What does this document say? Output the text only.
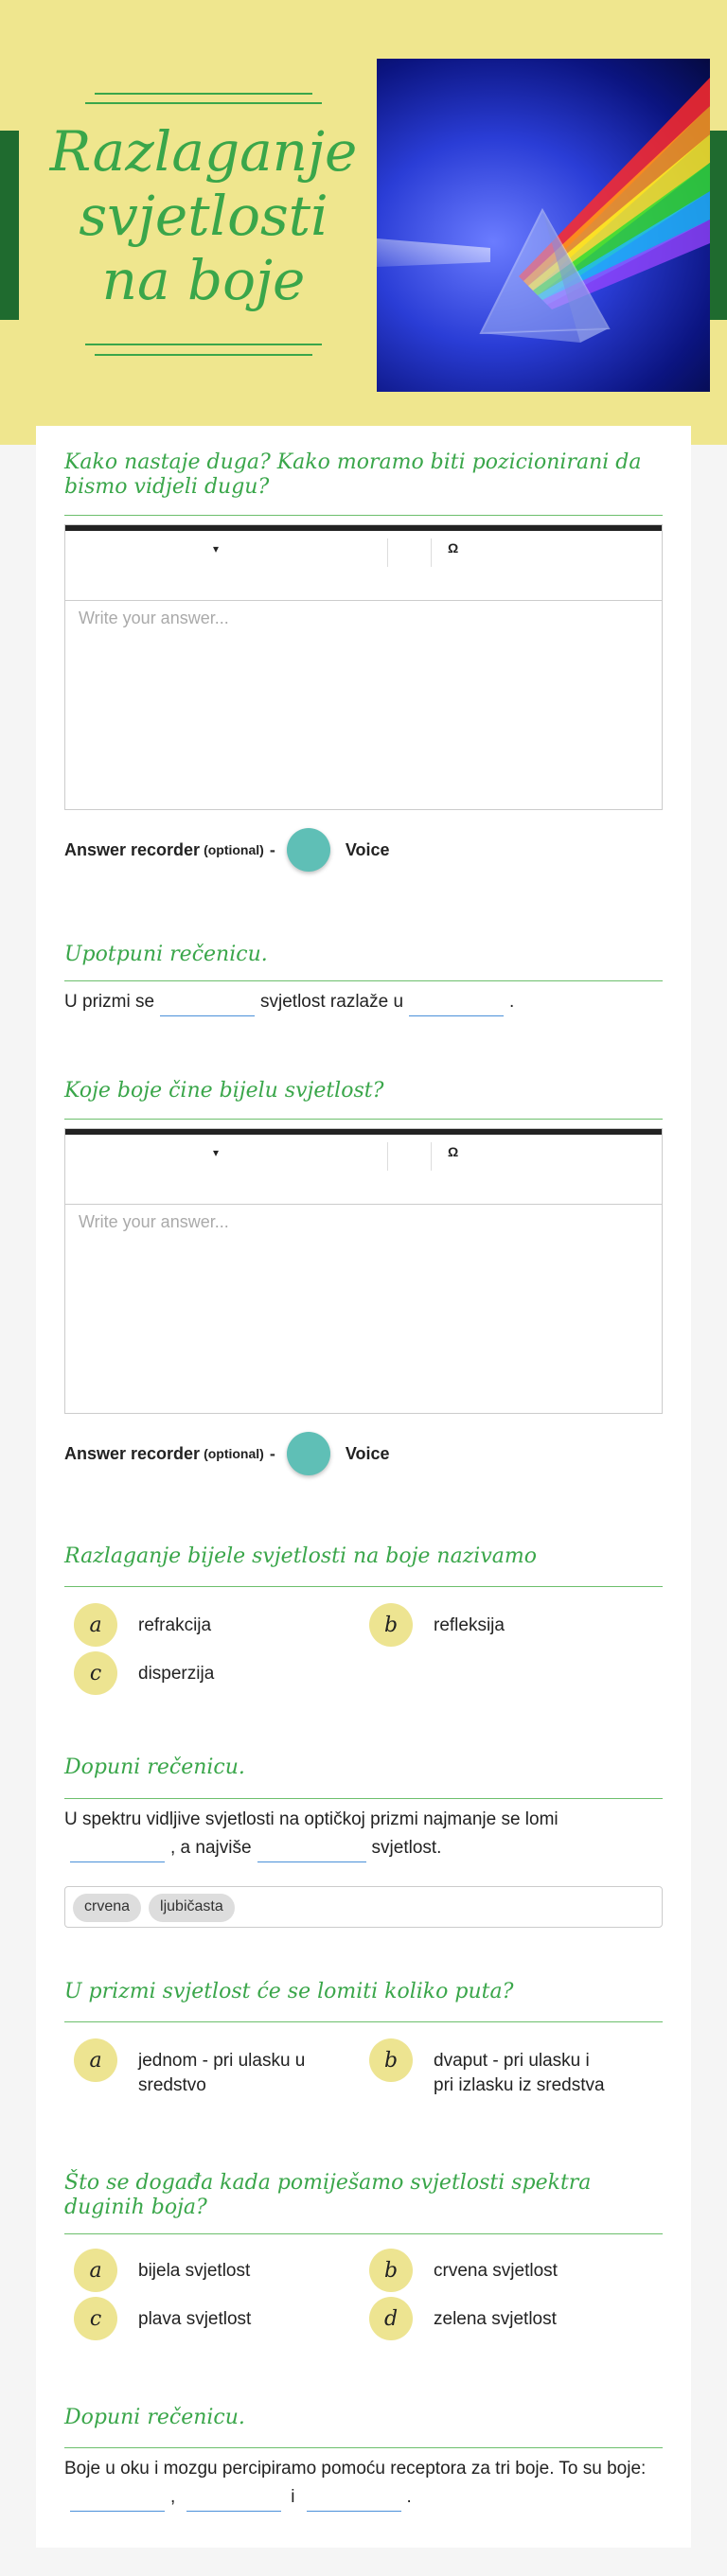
Razlaganje svjetlosti na boje
Kako nastaje duga? Kako moramo biti pozicionirani da bismo vidjeli dugu?
▾	Ω
Write your answer...
Answer recorder (optional) -	Voice
Upotpuni rečenicu.
U prizmi se	svjetlost razlaže u	.
Koje boje čine bijelu svjetlost?
▾	Ω
Write your answer...
Answer recorder (optional) -	Voice
Razlaganje bijele svjetlosti na boje nazivamo
a	refrakcija	b	refleksija
c	disperzija
Dopuni rečenicu.
U spektru vidljive svjetlosti na optičkoj prizmi najmanje se lomi, a najviše	svjetlost.
crvena	ljubičasta
U prizmi svjetlost će se lomiti koliko puta?
a	jednom - pri ulasku u sredstvo
b	dvaput - pri ulasku i pri izlasku iz sredstva
Što se događa kada pomiješamo svjetlosti spektra duginih boja?
a	bijela svjetlost	b	crvena svjetlost
c	plava svjetlost	d	zelena svjetlost
Dopuni rečenicu.
Boje u oku i mozgu percipiramo pomoću receptora za tri boje. To su boje:
,	i	.
